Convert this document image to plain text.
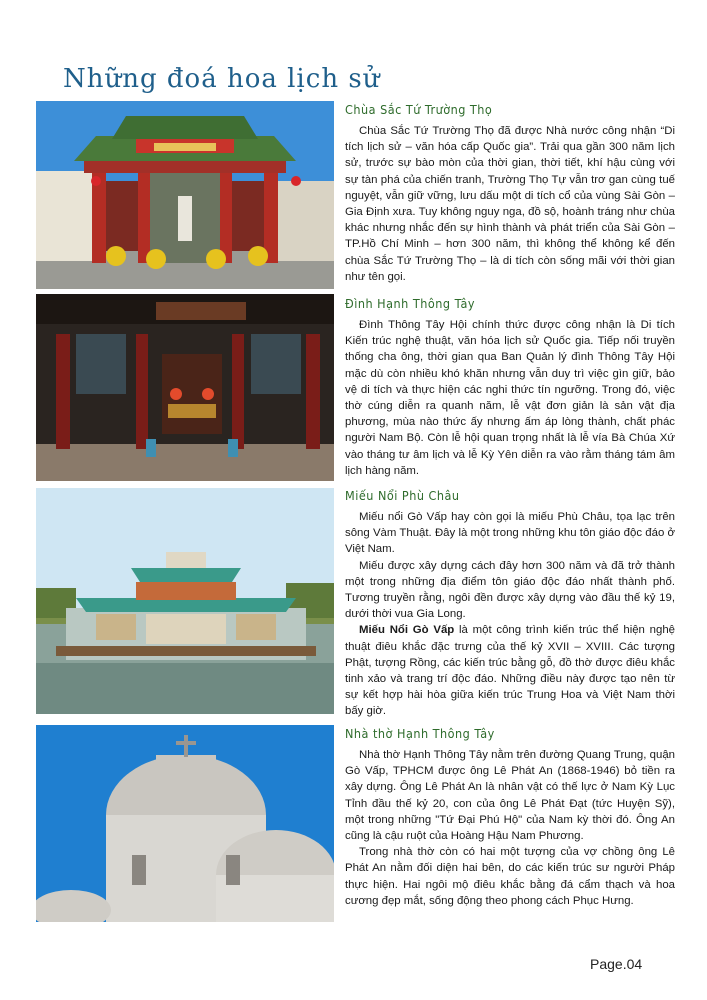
Những đoá hoa lịch sử
Chùa Sắc Tứ Trường Thọ

Chùa Sắc Tứ Trường Thọ đã được Nhà nước công nhận “Di tích lịch sử – văn hóa cấp Quốc gia”. Trải qua gần 300 năm lịch sử, trước sự bào mòn của thời gian, thời tiết, khí hậu cùng với sự tàn phá của chiến tranh, Trường Thọ Tự vẫn trơ gan cùng tuế nguyệt, vẫn giữ vững, lưu dấu một di tích cổ của vùng Sài Gòn – Gia Định xưa. Tuy không nguy nga, đồ sộ, hoành tráng như chùa khác nhưng nhắc đến sự hình thành và phát triển của Sài Gòn – TP.Hồ Chí Minh – hơn 300 năm, thì không thể không kể đến chùa Sắc Tứ Trường Thọ – là di tích còn sống mãi với thời gian như tên gọi.

Đình Hạnh Thông Tây

Đình Thông Tây Hội chính thức được công nhận là Di tích Kiến trúc nghệ thuật, văn hóa lịch sử Quốc gia. Tiếp nối truyền thống cha ông, thời gian qua Ban Quản lý đình Thông Tây Hội mặc dù còn nhiều khó khăn nhưng vẫn duy trì việc gìn giữ, bảo vệ di tích và thực hiện các nghi thức tín ngưỡng. Trong đó, việc thờ cúng diễn ra quanh năm, lễ vật đơn giản là sản vật địa phương, mùa nào thức ấy nhưng ấm áp lòng thành, chất phác người Nam Bộ. Còn lễ hội quan trọng nhất là lễ vía Bà Chúa Xứ vào tháng tư âm lịch và lễ Kỳ Yên diễn ra vào rằm tháng tám âm lịch hàng năm.

Miếu Nổi Phù Châu

Miếu nổi Gò Vấp hay còn gọi là miếu Phù Châu, tọa lạc trên sông Vàm Thuật. Đây là một trong những khu tôn giáo độc đáo ở Việt Nam.

Miếu được xây dựng cách đây hơn 300 năm và đã trở thành một trong những địa điểm tôn giáo độc đáo nhất thành phố. Tương truyền rằng, ngôi đền được xây dựng vào đầu thế kỷ 19, dưới thời vua Gia Long.

Miếu Nổi Gò Vấp là một công trình kiến trúc thể hiện nghệ thuật điêu khắc đặc trưng của thế kỷ XVII – XVIII. Các tượng Phật, tượng Rồng, các kiến trúc bằng gỗ, đồ thờ được điêu khắc tinh xảo và trang trí độc đáo. Những điều này được tạo nên từ sự kết hợp hài hòa giữa kiến trúc Trung Hoa và Việt Nam thời bấy giờ.

Nhà thờ Hạnh Thông Tây

Nhà thờ Hạnh Thông Tây nằm trên đường Quang Trung, quận Gò Vấp, TPHCM được ông Lê Phát An (1868-1946) bỏ tiền ra xây dựng. Ông Lê Phát An là nhân vật có thế lực ở Nam Kỳ Lục Tỉnh đầu thế kỷ 20, con của ông Lê Phát Đạt (tức Huyện Sỹ), một trong những "Tứ Đại Phú Hộ" của Nam kỳ thời đó. Ông An cũng là cậu ruột của Hoàng Hậu Nam Phương.

Trong nhà thờ còn có hai một tượng của vợ chồng ông Lê Phát An nằm đối diện hai bên, do các kiến trúc sư người Pháp thực hiện. Hai ngôi mộ điêu khắc bằng đá cẩm thạch và hoa cương đẹp mắt, sống động theo phong cách Phục Hưng.

Page.04
